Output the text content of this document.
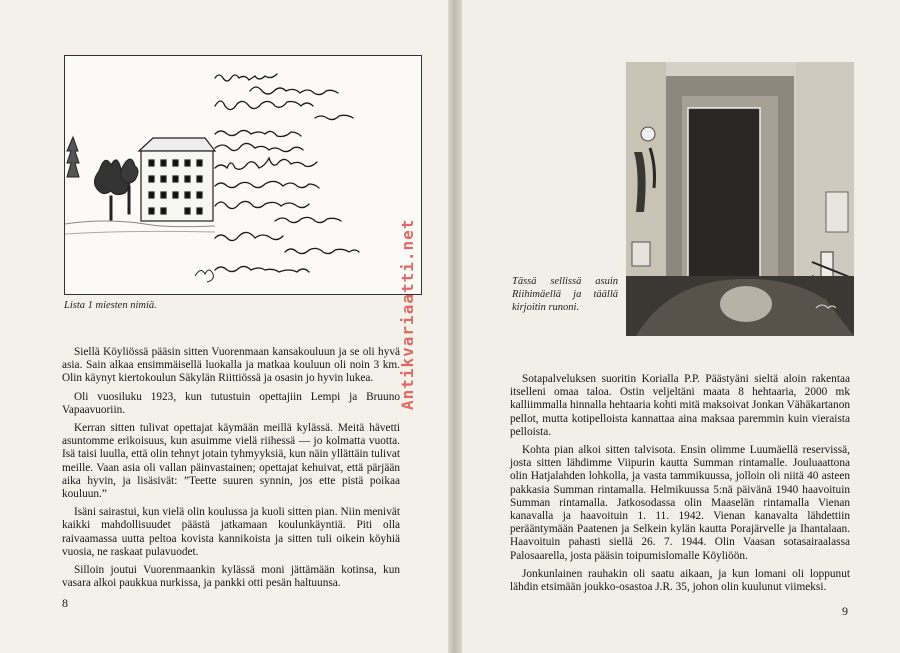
Lista 1 miesten nimiä.

Siellä Köyliössä pääsin sitten Vuorenmaan kansakouluun ja se oli hyvä asia. Sain alkaa ensimmäisellä luokalla ja matkaa kouluun oli noin 3 km. Olin käynyt kiertokoulun Säkylän Riittiössä ja osasin jo hyvin lukea.

Oli vuosiluku 1923, kun tutustuin opettajiin Lempi ja Bruuno Vapaavuoriin.

Kerran sitten tulivat opettajat käymään meillä kylässä. Meitä hävetti asuntomme erikoisuus, kun asuimme vielä riihessä — jo kolmatta vuotta. Isä taisi luulla, että olin tehnyt jotain tyhmyyksiä, kun näin yllättäin tulivat meille. Vaan asia oli vallan päinvastainen; opettajat kehuivat, että pärjään aika hyvin, ja lisäsivät: ”Teette suuren synnin, jos ette pistä poikaa kouluun.”

Isäni sairastui, kun vielä olin koulussa ja kuoli sitten pian. Niin menivät kaikki mahdollisuudet päästä jatkamaan koulunkäyntiä. Piti olla raivaamassa uutta peltoa kovista kannikoista ja sitten tuli oikein köyhiä vuosia, ne raskaat pulavuodet.

Silloin joutui Vuorenmaankin kylässä moni jättämään kotinsa, kun vasara alkoi paukkua nurkissa, ja pankki otti pesän haltuunsa.

8
Antikvariaatti.net	Tässä sellissä asuin Riihimäellä ja täällä kirjoitin runoni.

Sotapalveluksen suoritin Korialla P.P. Päästyäni sieltä aloin rakentaa itselleni omaa taloa. Ostin veljeltäni maata 8 hehtaaria, 2000 mk kalliimmalla hinnalla hehtaaria kohti mitä maksoivat Jonkan Vähäkartanon pellot, mutta kotipelloista kannattaa aina maksaa paremmin kuin vieraista pelloista.

Kohta pian alkoi sitten talvisota. Ensin olimme Luumäellä reservissä, josta sitten lähdimme Viipurin kautta Summan rintamalle. Jouluaattona olin Hatjalahden lohkolla, ja vasta tammikuussa, jolloin oli niitä 40 asteen pakkasia Summan rintamalla. Helmikuussa 5:nä päivänä 1940 haavoituin Summan rintamalla. Jatkosodassa olin Maaselän rintamalla Vienan kanavalla ja haavoituin 1. 11. 1942. Vienan kanavalta lähdettiin perääntymään Paatenen ja Selkein kylän kautta Porajärvelle ja Ihantalaan. Haavoituin pahasti siellä 26. 7. 1944. Olin Vaasan sotasairaalassa Palosaarella, josta pääsin toipumislomalle Köyliöön.

Jonkunlainen rauhakin oli saatu aikaan, ja kun lomani oli loppunut lähdin etsimään joukko-osastoa J.R. 35, johon olin kuulunut viimeksi.

9
